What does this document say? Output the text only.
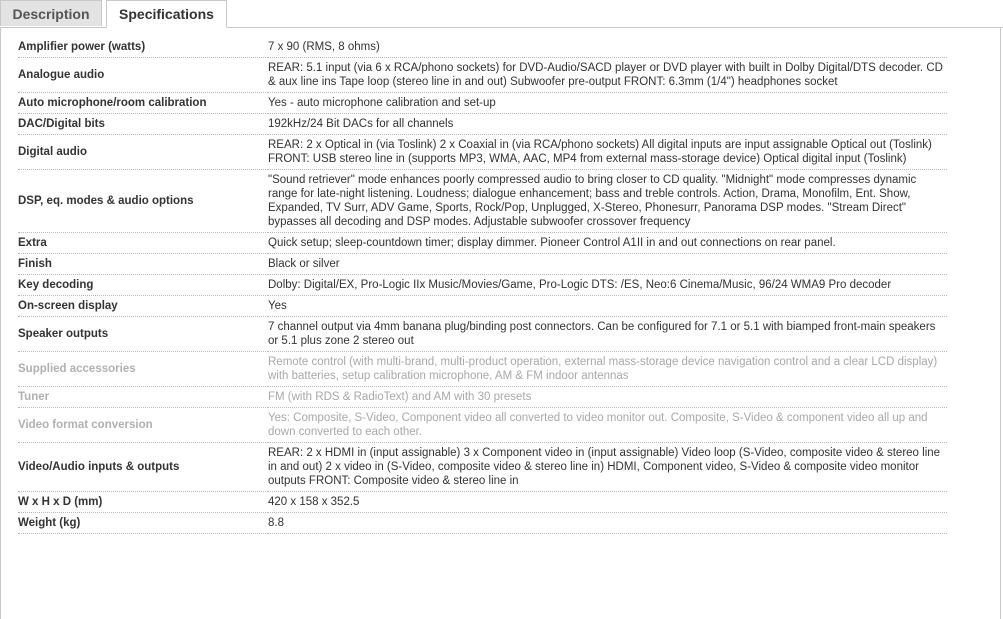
Description	Specifications
Amplifier power (watts)	7 x 90 (RMS, 8 ohms)
Analogue audio	REAR: 5.1 input (via 6 x RCA/phono sockets) for DVD-Audio/SACD player or DVD player with built in Dolby Digital/DTS decoder. CD & aux line ins Tape loop (stereo line in and out) Subwoofer pre-output FRONT: 6.3mm (1/4") headphones socket
Auto microphone/room calibration	Yes - auto microphone calibration and set-up
DAC/Digital bits	192kHz/24 Bit DACs for all channels
Digital audio	REAR: 2 x Optical in (via Toslink) 2 x Coaxial in (via RCA/phono sockets) All digital inputs are input assignable Optical out (Toslink) FRONT: USB stereo line in (supports MP3, WMA, AAC, MP4 from external mass-storage device) Optical digital input (Toslink)
DSP, eq. modes & audio options	"Sound retriever" mode enhances poorly compressed audio to bring closer to CD quality. "Midnight" mode compresses dynamic range for late-night listening. Loudness; dialogue enhancement; bass and treble controls. Action, Drama, Monofilm, Ent. Show, Expanded, TV Surr, ADV Game, Sports, Rock/Pop, Unplugged, X-Stereo, Phonesurr, Panorama DSP modes. "Stream Direct" bypasses all decoding and DSP modes. Adjustable subwoofer crossover frequency
Extra	Quick setup; sleep-countdown timer; display dimmer. Pioneer Control A1II in and out connections on rear panel.
Finish	Black or silver
Key decoding	Dolby: Digital/EX, Pro-Logic IIx Music/Movies/Game, Pro-Logic DTS: /ES, Neo:6 Cinema/Music, 96/24 WMA9 Pro decoder
On-screen display	Yes
Speaker outputs	7 channel output via 4mm banana plug/binding post connectors. Can be configured for 7.1 or 5.1 with biamped front-main speakers or 5.1 plus zone 2 stereo out
Supplied accessories	Remote control (with multi-brand, multi-product operation, external mass-storage device navigation control and a clear LCD display) with batteries, setup calibration microphone, AM & FM indoor antennas
Tuner	FM (with RDS & RadioText) and AM with 30 presets
Video format conversion	Yes: Composite, S-Video, Component video all converted to video monitor out. Composite, S-Video & component video all up and down converted to each other.
Video/Audio inputs & outputs	REAR: 2 x HDMI in (input assignable) 3 x Component video in (input assignable) Video loop (S-Video, composite video & stereo line in and out) 2 x video in (S-Video, composite video & stereo line in) HDMI, Component video, S-Video & composite video monitor outputs FRONT: Composite video & stereo line in
W x H x D (mm)	420 x 158 x 352.5
Weight (kg)	8.8
